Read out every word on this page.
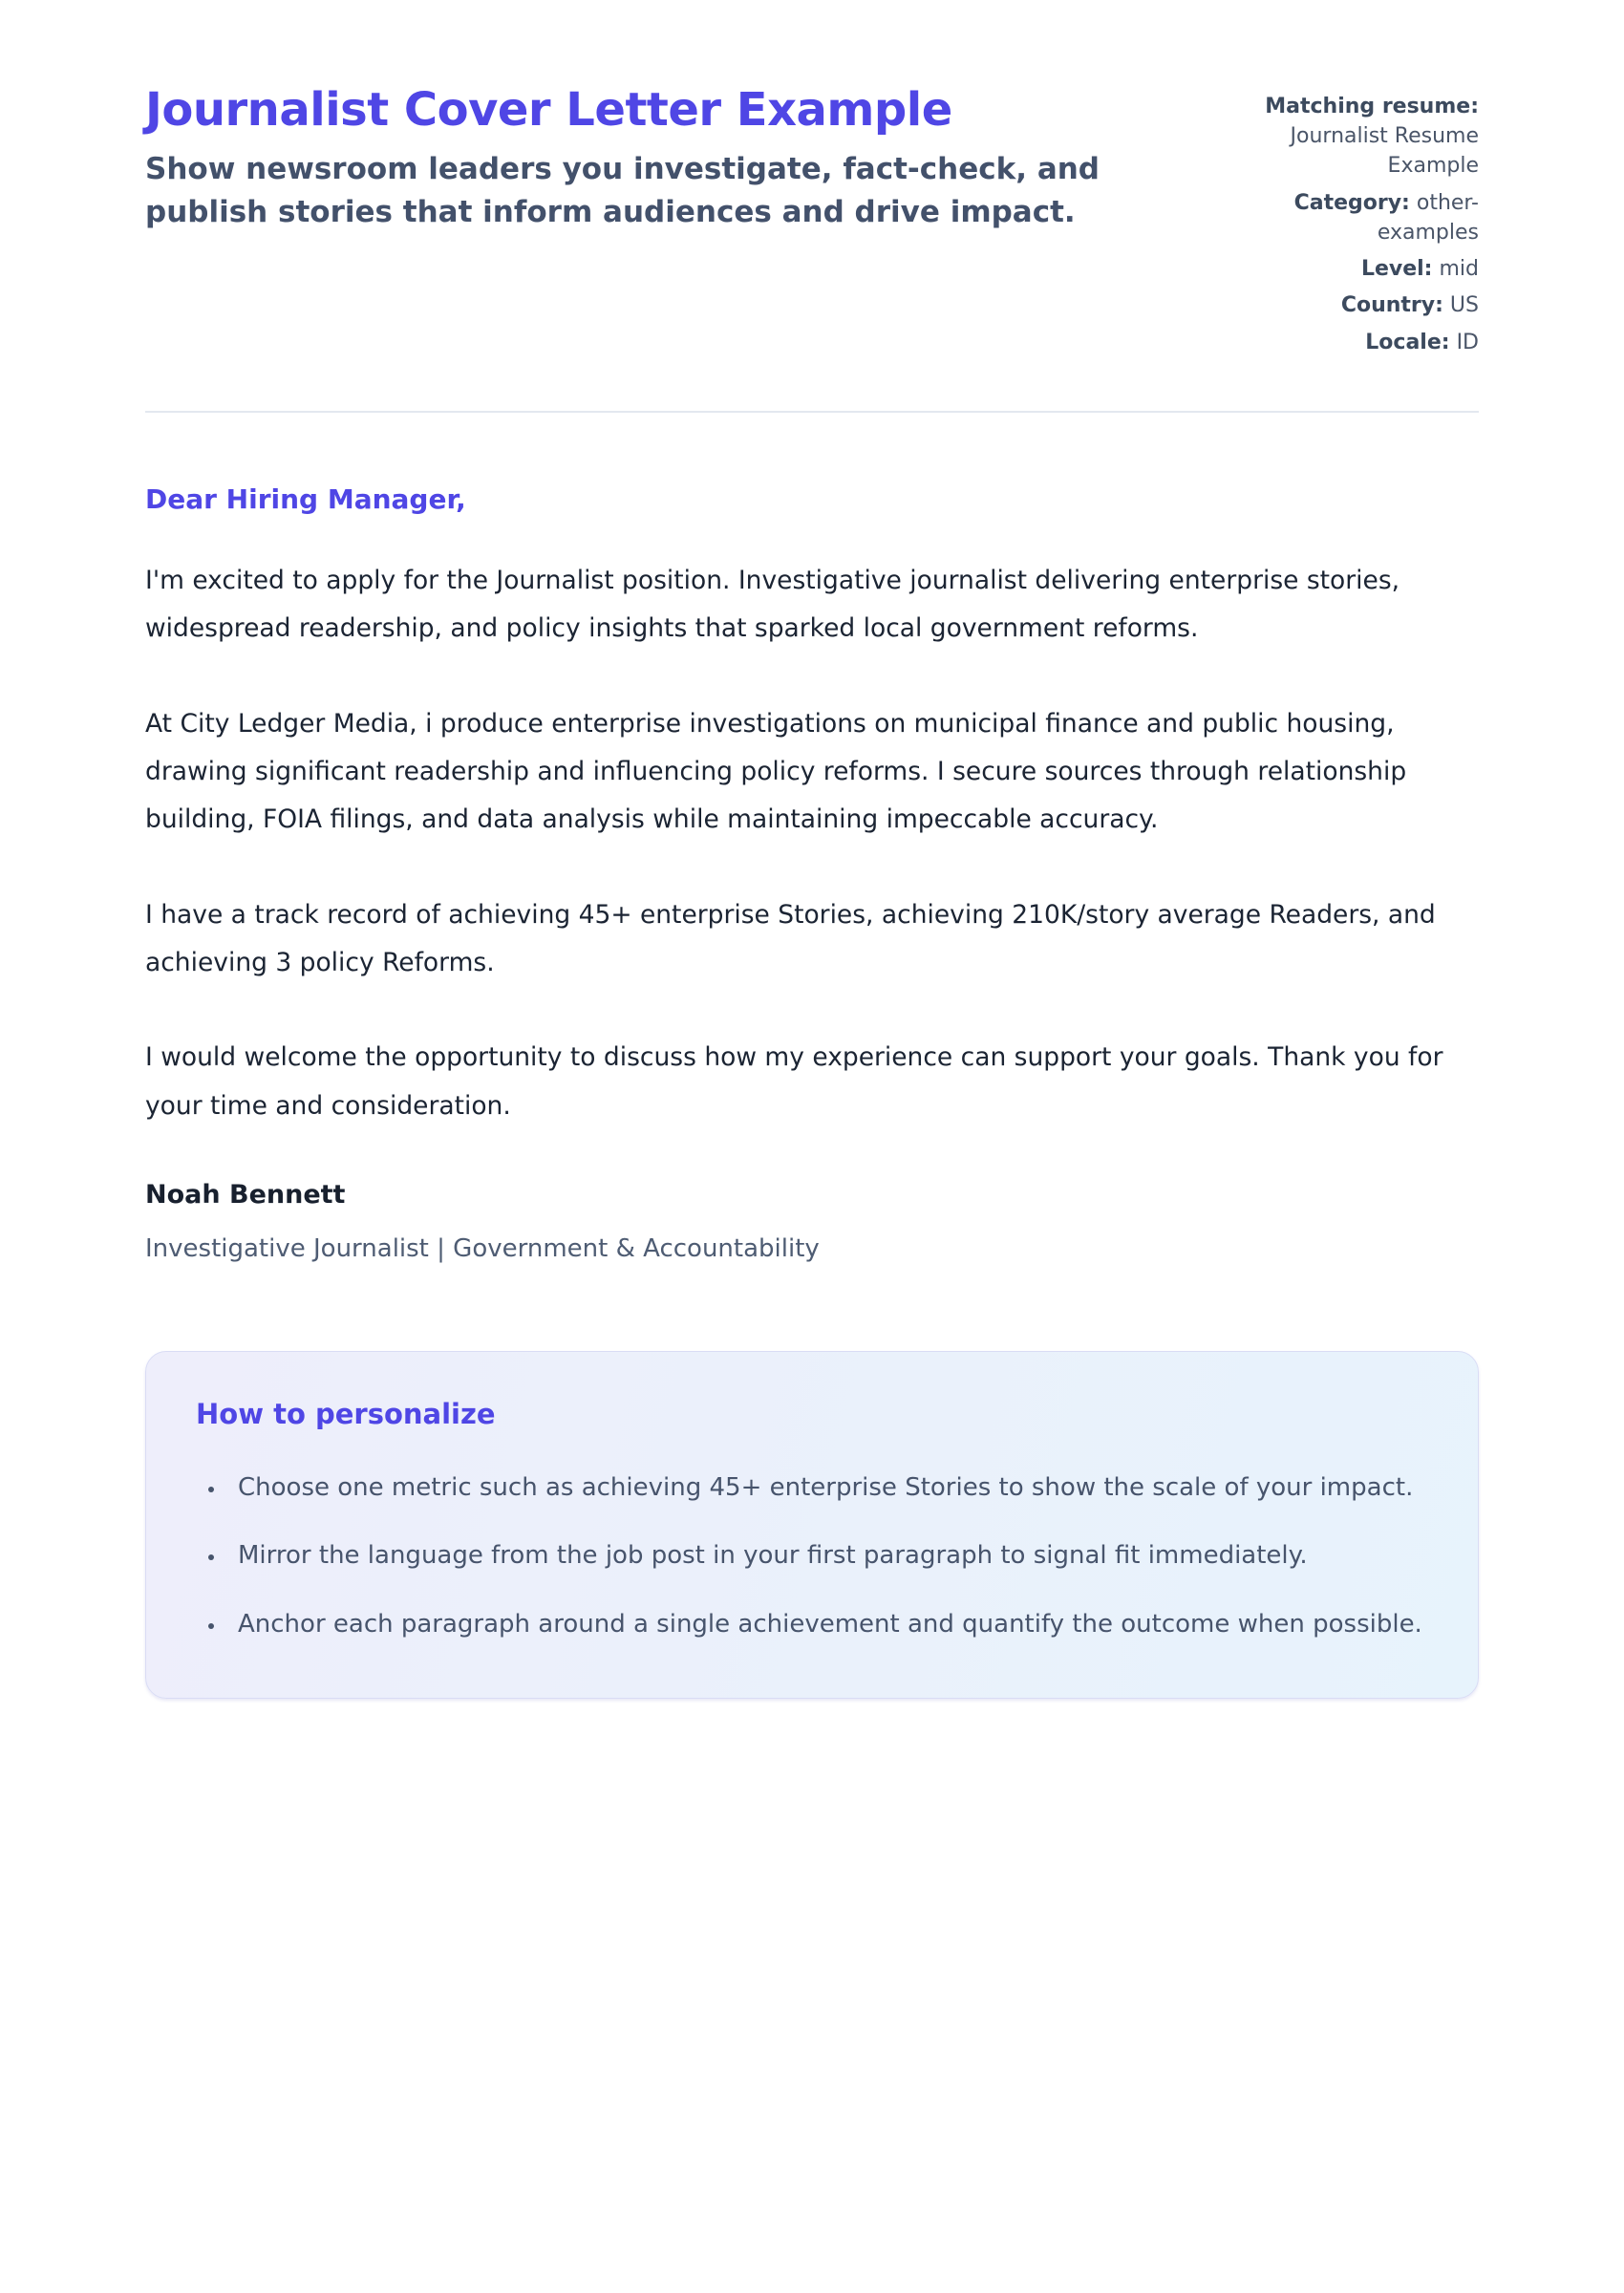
Journalist Cover Letter Example
Show newsroom leaders you investigate, fact-check, and publish stories that inform audiences and drive impact.
Matching resume: Journalist Resume Example
Category: other-examples
Level: mid
Country: US
Locale: ID
Dear Hiring Manager,

I'm excited to apply for the Journalist position. Investigative journalist delivering enterprise stories, widespread readership, and policy insights that sparked local government reforms.

At City Ledger Media, i produce enterprise investigations on municipal finance and public housing, drawing significant readership and influencing policy reforms. I secure sources through relationship building, FOIA filings, and data analysis while maintaining impeccable accuracy.

I have a track record of achieving 45+ enterprise Stories, achieving 210K/story average Readers, and achieving 3 policy Reforms.

I would welcome the opportunity to discuss how my experience can support your goals. Thank you for your time and consideration.

Noah Bennett
Investigative Journalist | Government & Accountability
How to personalize
• Choose one metric such as achieving 45+ enterprise Stories to show the scale of your impact.
• Mirror the language from the job post in your first paragraph to signal fit immediately.
• Anchor each paragraph around a single achievement and quantify the outcome when possible.
